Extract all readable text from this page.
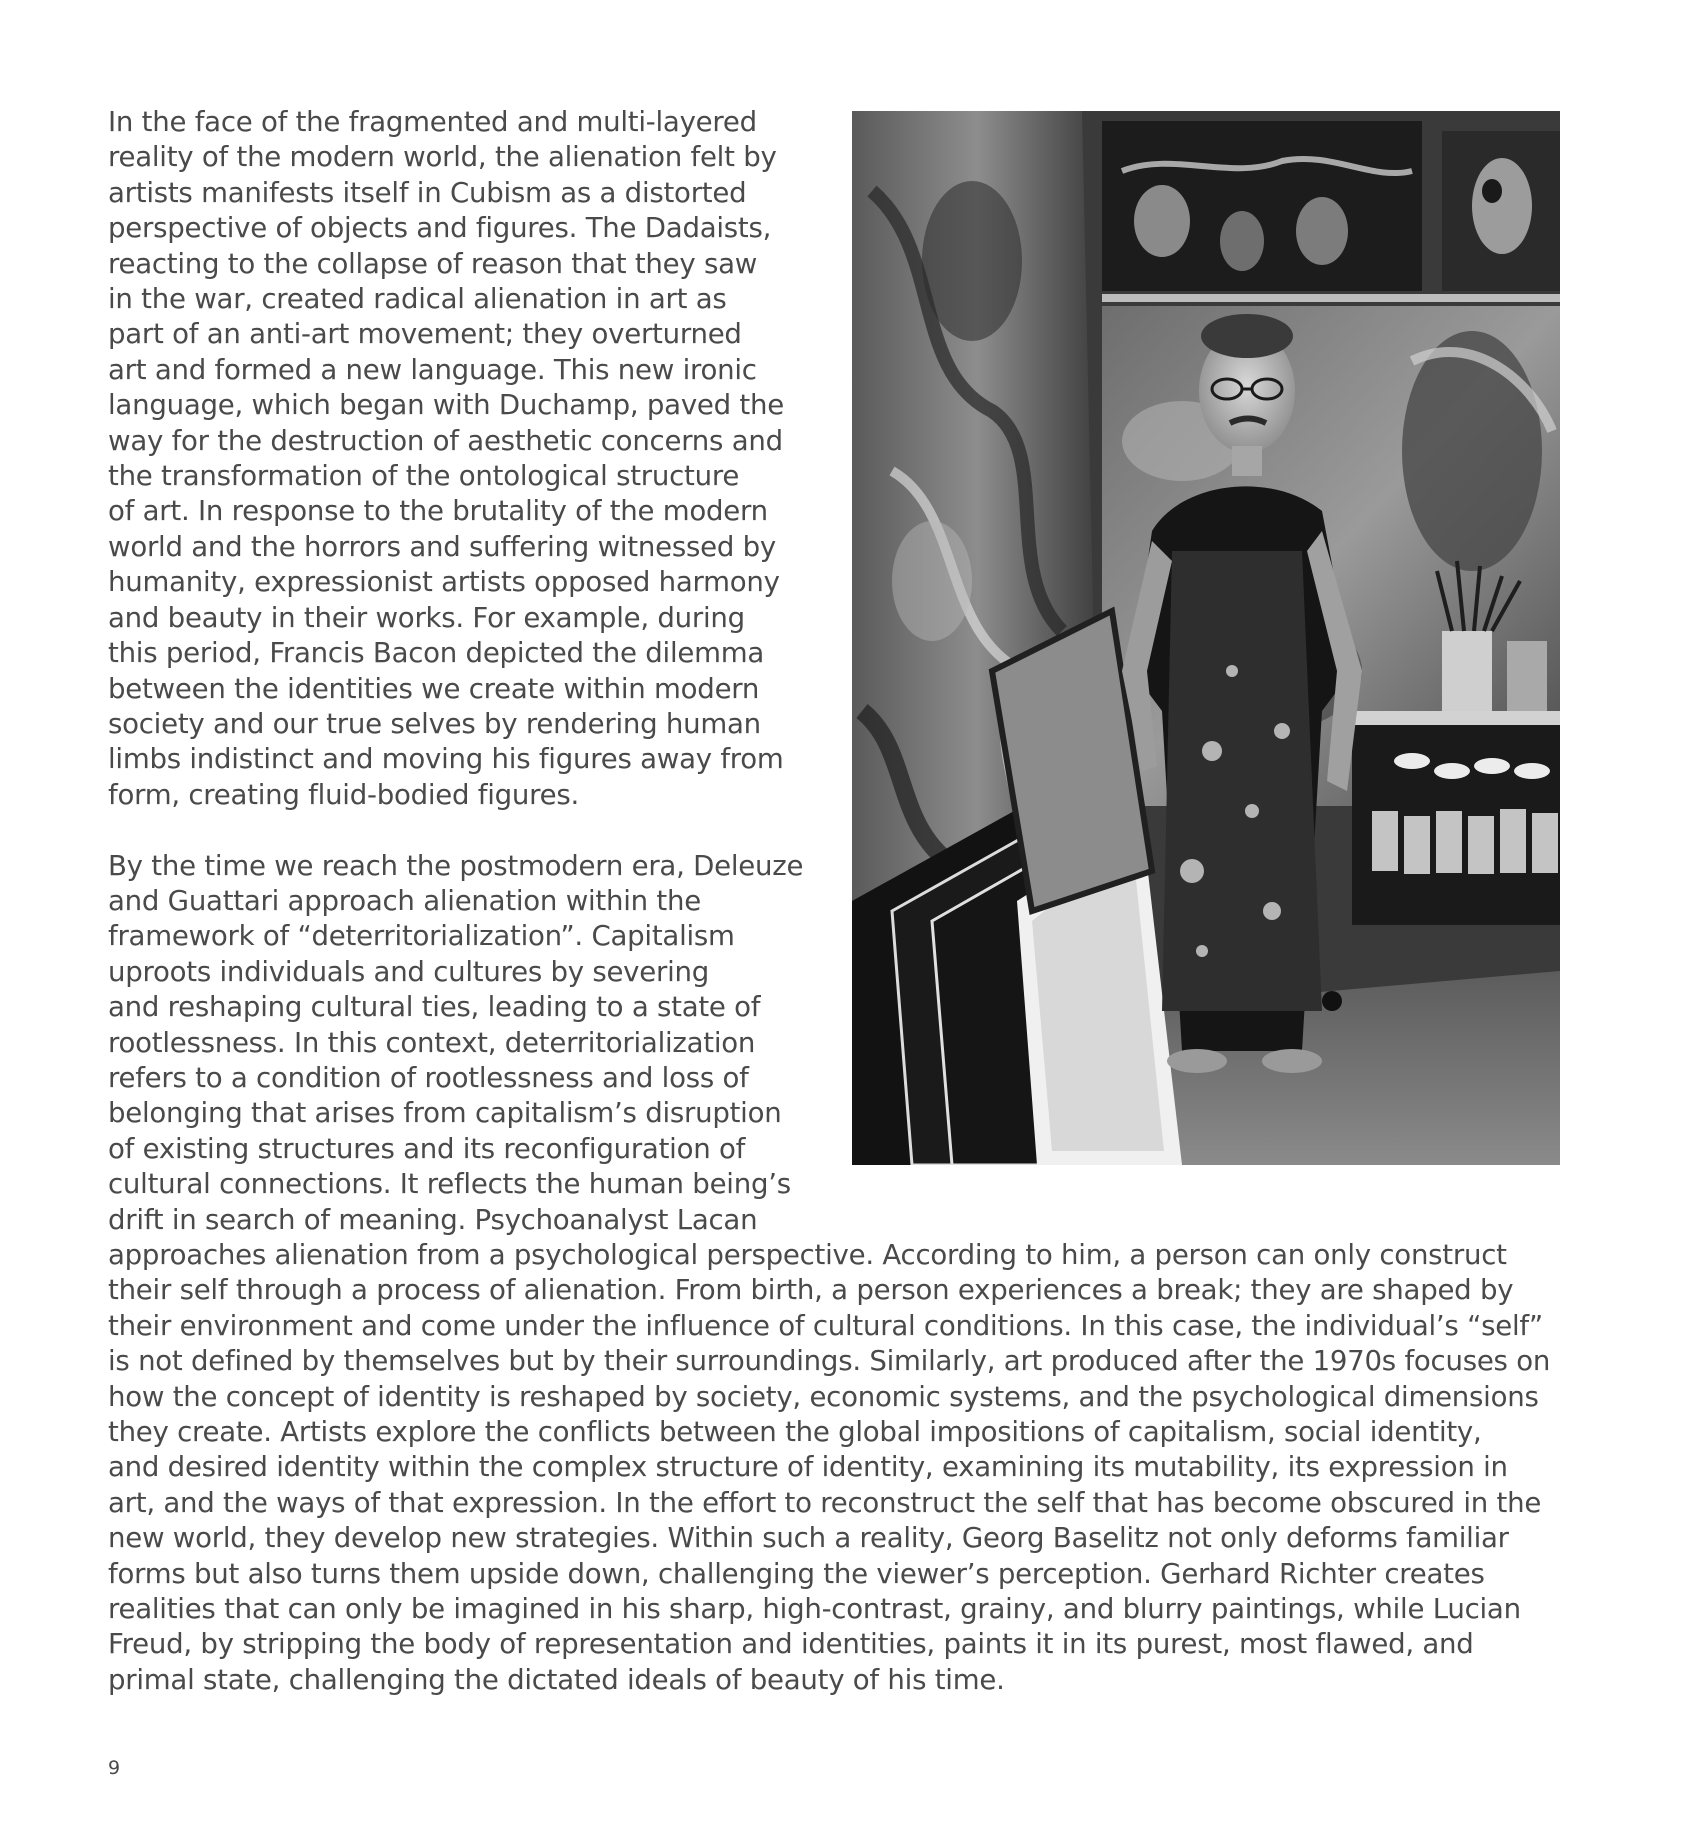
In the face of the fragmented and multi-layered
reality of the modern world, the alienation felt by
artists manifests itself in Cubism as a distorted
perspective of objects and figures. The Dadaists,
reacting to the collapse of reason that they saw
in the war, created radical alienation in art as
part of an anti-art movement; they overturned
art and formed a new language. This new ironic
language, which began with Duchamp, paved the
way for the destruction of aesthetic concerns and
the transformation of the ontological structure
of art. In response to the brutality of the modern
world and the horrors and suffering witnessed by
humanity, expressionist artists opposed harmony
and beauty in their works. For example, during
this period, Francis Bacon depicted the dilemma
between the identities we create within modern
society and our true selves by rendering human
limbs indistinct and moving his figures away from
form, creating fluid-bodied figures.

By the time we reach the postmodern era, Deleuze
and Guattari approach alienation within the
framework of “deterritorialization”. Capitalism
uproots individuals and cultures by severing
and reshaping cultural ties, leading to a state of
rootlessness. In this context, deterritorialization
refers to a condition of rootlessness and loss of
belonging that arises from capitalism’s disruption
of existing structures and its reconfiguration of
cultural connections. It reflects the human being’s
drift in search of meaning. Psychoanalyst Lacan
approaches alienation from a psychological perspective. According to him, a person can only construct
their self through a process of alienation. From birth, a person experiences a break; they are shaped by
their environment and come under the influence of cultural conditions. In this case, the individual’s “self”
is not defined by themselves but by their surroundings. Similarly, art produced after the 1970s focuses on
how the concept of identity is reshaped by society, economic systems, and the psychological dimensions
they create. Artists explore the conflicts between the global impositions of capitalism, social identity,
and desired identity within the complex structure of identity, examining its mutability, its expression in
art, and the ways of that expression. In the effort to reconstruct the self that has become obscured in the
new world, they develop new strategies. Within such a reality, Georg Baselitz not only deforms familiar
forms but also turns them upside down, challenging the viewer’s perception. Gerhard Richter creates
realities that can only be imagined in his sharp, high-contrast, grainy, and blurry paintings, while Lucian
Freud, by stripping the body of representation and identities, paints it in its purest, most flawed, and
primal state, challenging the dictated ideals of beauty of his time.

9
